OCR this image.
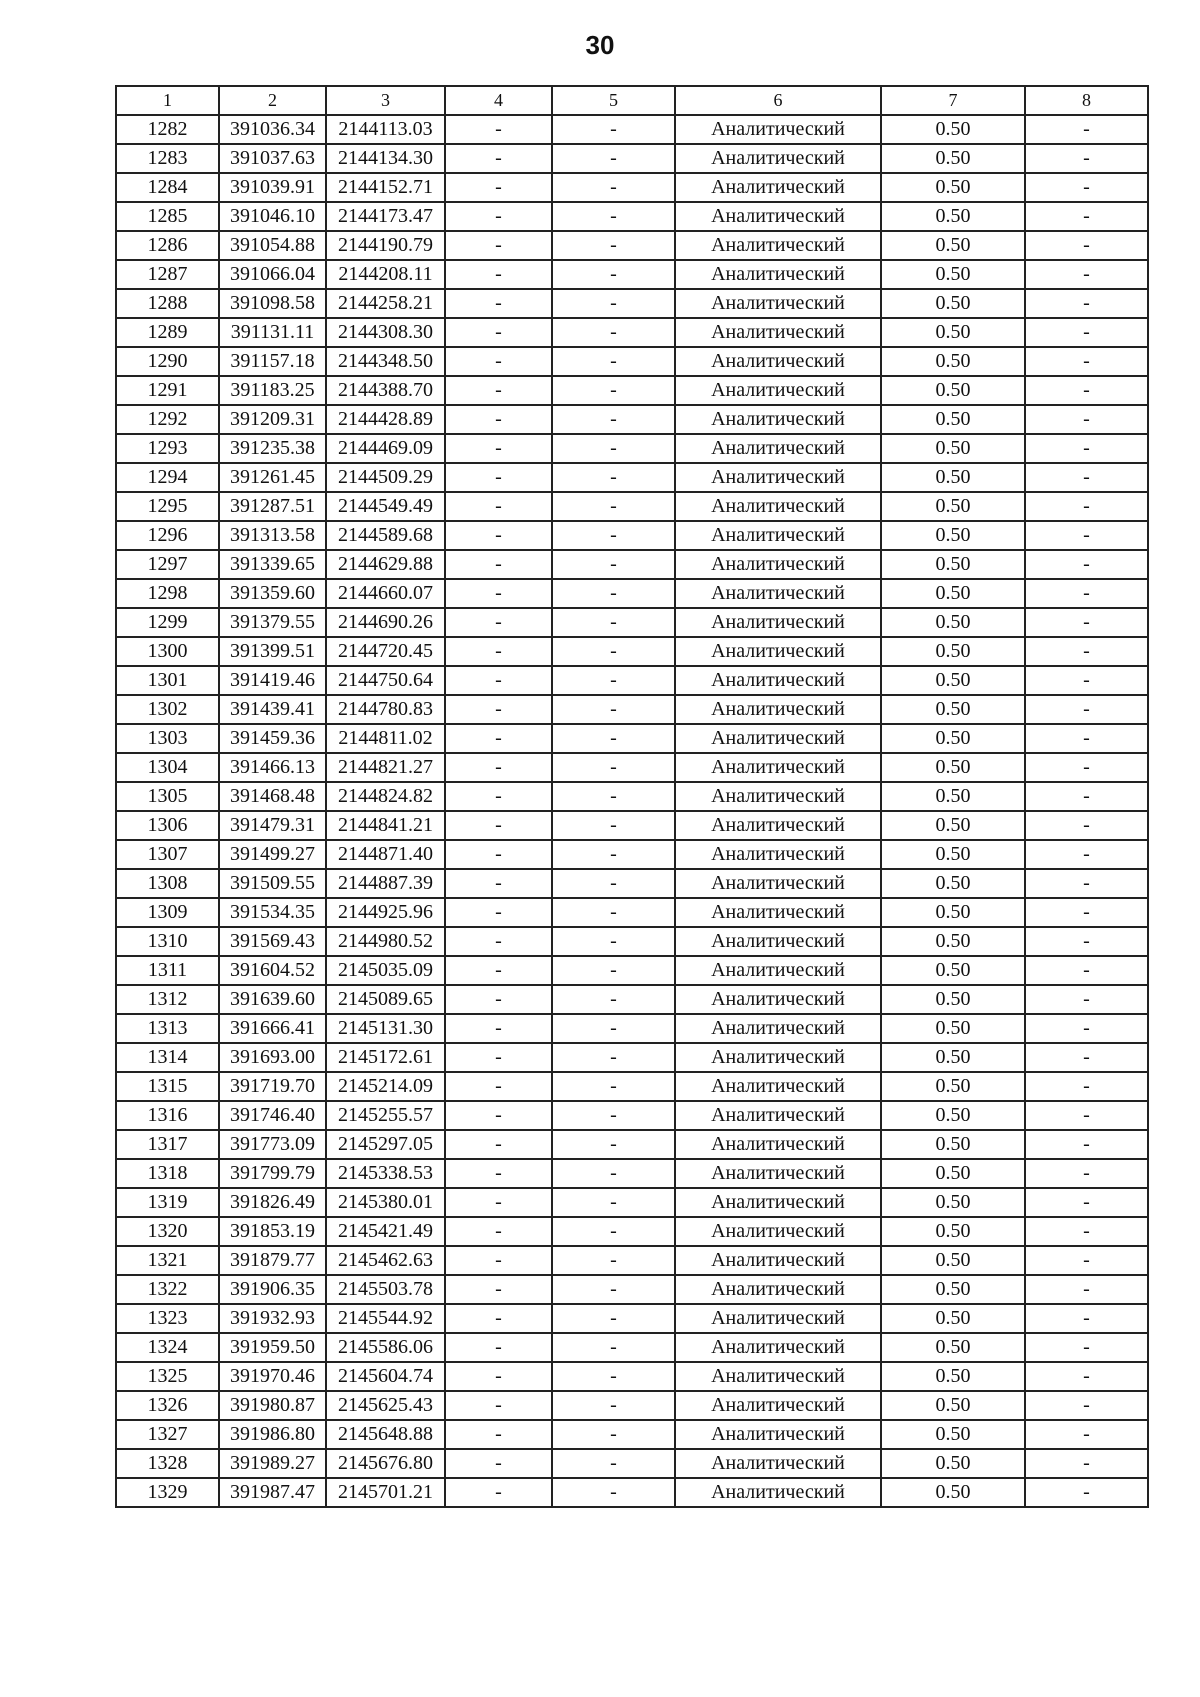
30
1	2	3	4	5	6	7	8
1282	391036.34	2144113.03	-	-	Аналитический	0.50	-
1283	391037.63	2144134.30	-	-	Аналитический	0.50	-
1284	391039.91	2144152.71	-	-	Аналитический	0.50	-
1285	391046.10	2144173.47	-	-	Аналитический	0.50	-
1286	391054.88	2144190.79	-	-	Аналитический	0.50	-
1287	391066.04	2144208.11	-	-	Аналитический	0.50	-
1288	391098.58	2144258.21	-	-	Аналитический	0.50	-
1289	391131.11	2144308.30	-	-	Аналитический	0.50	-
1290	391157.18	2144348.50	-	-	Аналитический	0.50	-
1291	391183.25	2144388.70	-	-	Аналитический	0.50	-
1292	391209.31	2144428.89	-	-	Аналитический	0.50	-
1293	391235.38	2144469.09	-	-	Аналитический	0.50	-
1294	391261.45	2144509.29	-	-	Аналитический	0.50	-
1295	391287.51	2144549.49	-	-	Аналитический	0.50	-
1296	391313.58	2144589.68	-	-	Аналитический	0.50	-
1297	391339.65	2144629.88	-	-	Аналитический	0.50	-
1298	391359.60	2144660.07	-	-	Аналитический	0.50	-
1299	391379.55	2144690.26	-	-	Аналитический	0.50	-
1300	391399.51	2144720.45	-	-	Аналитический	0.50	-
1301	391419.46	2144750.64	-	-	Аналитический	0.50	-
1302	391439.41	2144780.83	-	-	Аналитический	0.50	-
1303	391459.36	2144811.02	-	-	Аналитический	0.50	-
1304	391466.13	2144821.27	-	-	Аналитический	0.50	-
1305	391468.48	2144824.82	-	-	Аналитический	0.50	-
1306	391479.31	2144841.21	-	-	Аналитический	0.50	-
1307	391499.27	2144871.40	-	-	Аналитический	0.50	-
1308	391509.55	2144887.39	-	-	Аналитический	0.50	-
1309	391534.35	2144925.96	-	-	Аналитический	0.50	-
1310	391569.43	2144980.52	-	-	Аналитический	0.50	-
1311	391604.52	2145035.09	-	-	Аналитический	0.50	-
1312	391639.60	2145089.65	-	-	Аналитический	0.50	-
1313	391666.41	2145131.30	-	-	Аналитический	0.50	-
1314	391693.00	2145172.61	-	-	Аналитический	0.50	-
1315	391719.70	2145214.09	-	-	Аналитический	0.50	-
1316	391746.40	2145255.57	-	-	Аналитический	0.50	-
1317	391773.09	2145297.05	-	-	Аналитический	0.50	-
1318	391799.79	2145338.53	-	-	Аналитический	0.50	-
1319	391826.49	2145380.01	-	-	Аналитический	0.50	-
1320	391853.19	2145421.49	-	-	Аналитический	0.50	-
1321	391879.77	2145462.63	-	-	Аналитический	0.50	-
1322	391906.35	2145503.78	-	-	Аналитический	0.50	-
1323	391932.93	2145544.92	-	-	Аналитический	0.50	-
1324	391959.50	2145586.06	-	-	Аналитический	0.50	-
1325	391970.46	2145604.74	-	-	Аналитический	0.50	-
1326	391980.87	2145625.43	-	-	Аналитический	0.50	-
1327	391986.80	2145648.88	-	-	Аналитический	0.50	-
1328	391989.27	2145676.80	-	-	Аналитический	0.50	-
1329	391987.47	2145701.21	-	-	Аналитический	0.50	-
